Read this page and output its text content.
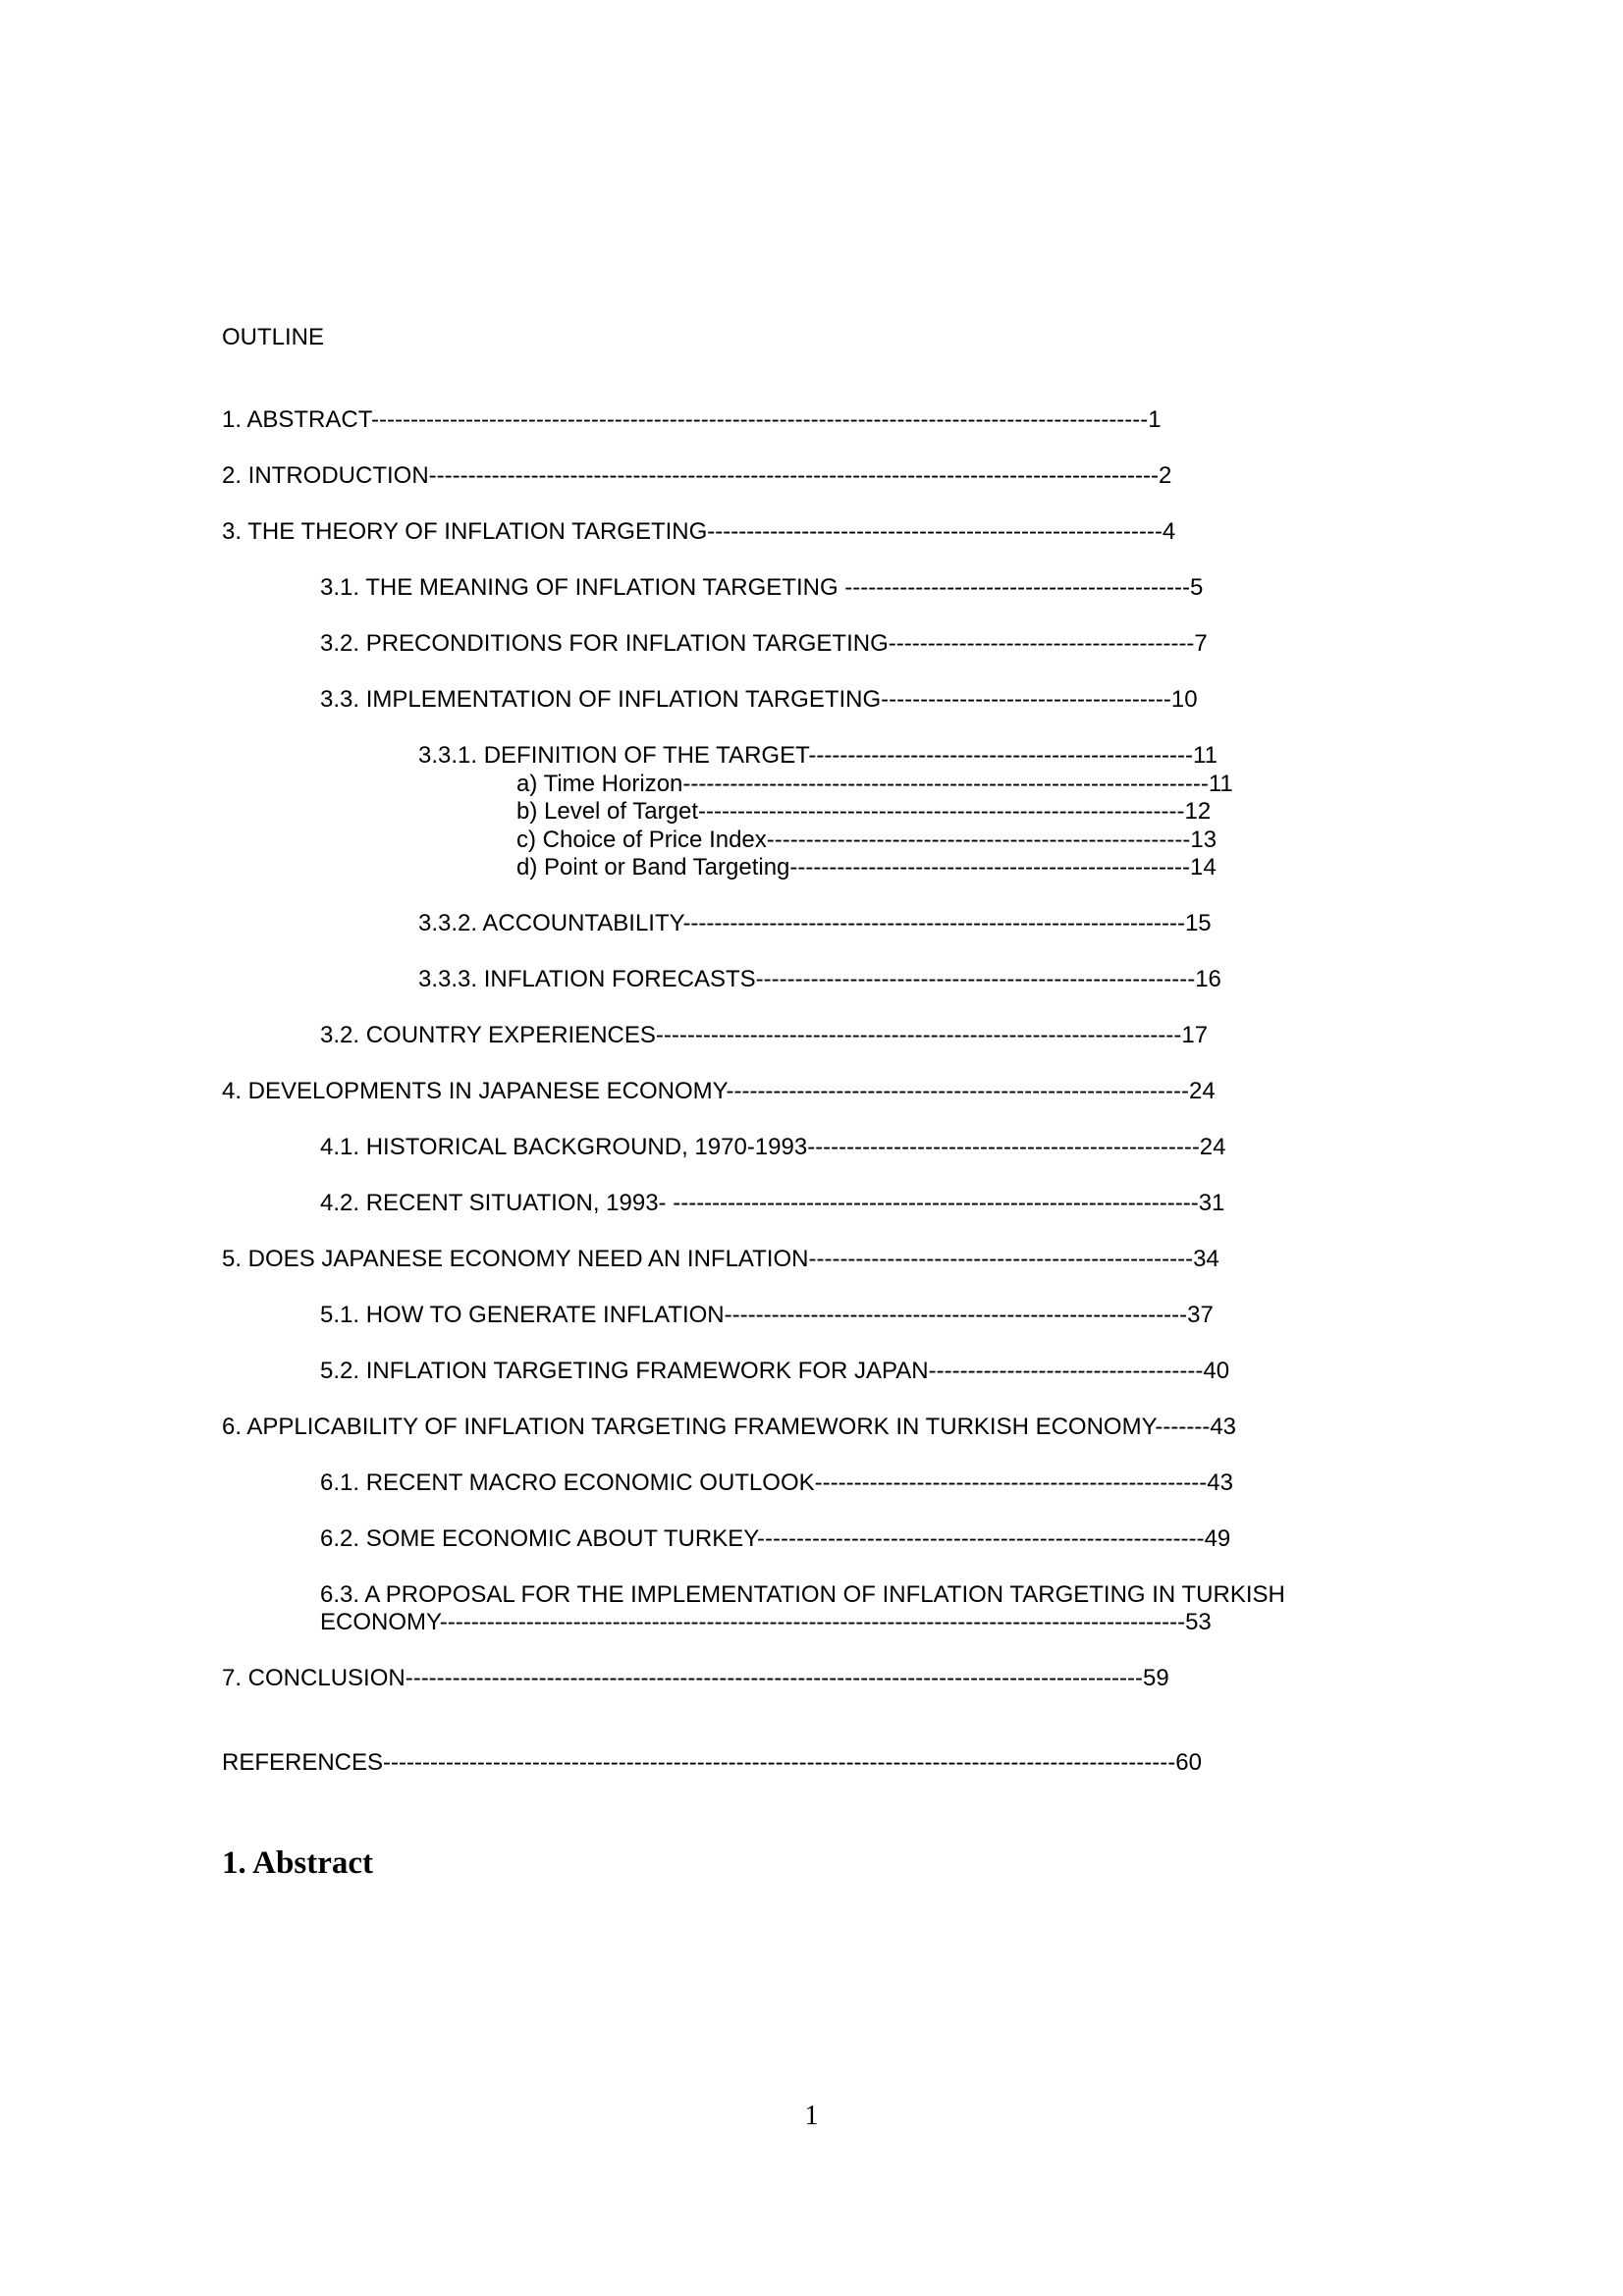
OUTLINE
1. ABSTRACT---------------------------------------------------------------------------------------------------1
2. INTRODUCTION---------------------------------------------------------------------------------------------2
3. THE THEORY OF INFLATION TARGETING----------------------------------------------------------4
3.1. THE MEANING OF INFLATION TARGETING --------------------------------------------5
3.2. PRECONDITIONS FOR INFLATION TARGETING---------------------------------------7
3.3. IMPLEMENTATION OF INFLATION TARGETING-------------------------------------10
3.3.1. DEFINITION OF THE TARGET-------------------------------------------------11
a) Time Horizon-------------------------------------------------------------------11
b) Level of Target--------------------------------------------------------------12
c) Choice of Price Index------------------------------------------------------13
d) Point or Band Targeting---------------------------------------------------14
3.3.2. ACCOUNTABILITY----------------------------------------------------------------15
3.3.3. INFLATION FORECASTS--------------------------------------------------------16
3.2. COUNTRY EXPERIENCES-------------------------------------------------------------------17
4. DEVELOPMENTS IN JAPANESE ECONOMY-----------------------------------------------------------24
4.1. HISTORICAL BACKGROUND, 1970-1993--------------------------------------------------24
4.2. RECENT SITUATION, 1993- -------------------------------------------------------------------31
5. DOES JAPANESE ECONOMY NEED AN INFLATION-------------------------------------------------34
5.1. HOW TO GENERATE INFLATION-----------------------------------------------------------37
5.2. INFLATION TARGETING FRAMEWORK FOR JAPAN-----------------------------------40
6. APPLICABILITY OF INFLATION TARGETING FRAMEWORK IN TURKISH ECONOMY-------43
6.1. RECENT MACRO ECONOMIC OUTLOOK--------------------------------------------------43
6.2. SOME ECONOMIC ABOUT TURKEY---------------------------------------------------------49
6.3. A PROPOSAL FOR THE IMPLEMENTATION OF INFLATION TARGETING IN TURKISH
ECONOMY-----------------------------------------------------------------------------------------------53
7. CONCLUSION----------------------------------------------------------------------------------------------59
REFERENCES-----------------------------------------------------------------------------------------------------60
1. Abstract
1
